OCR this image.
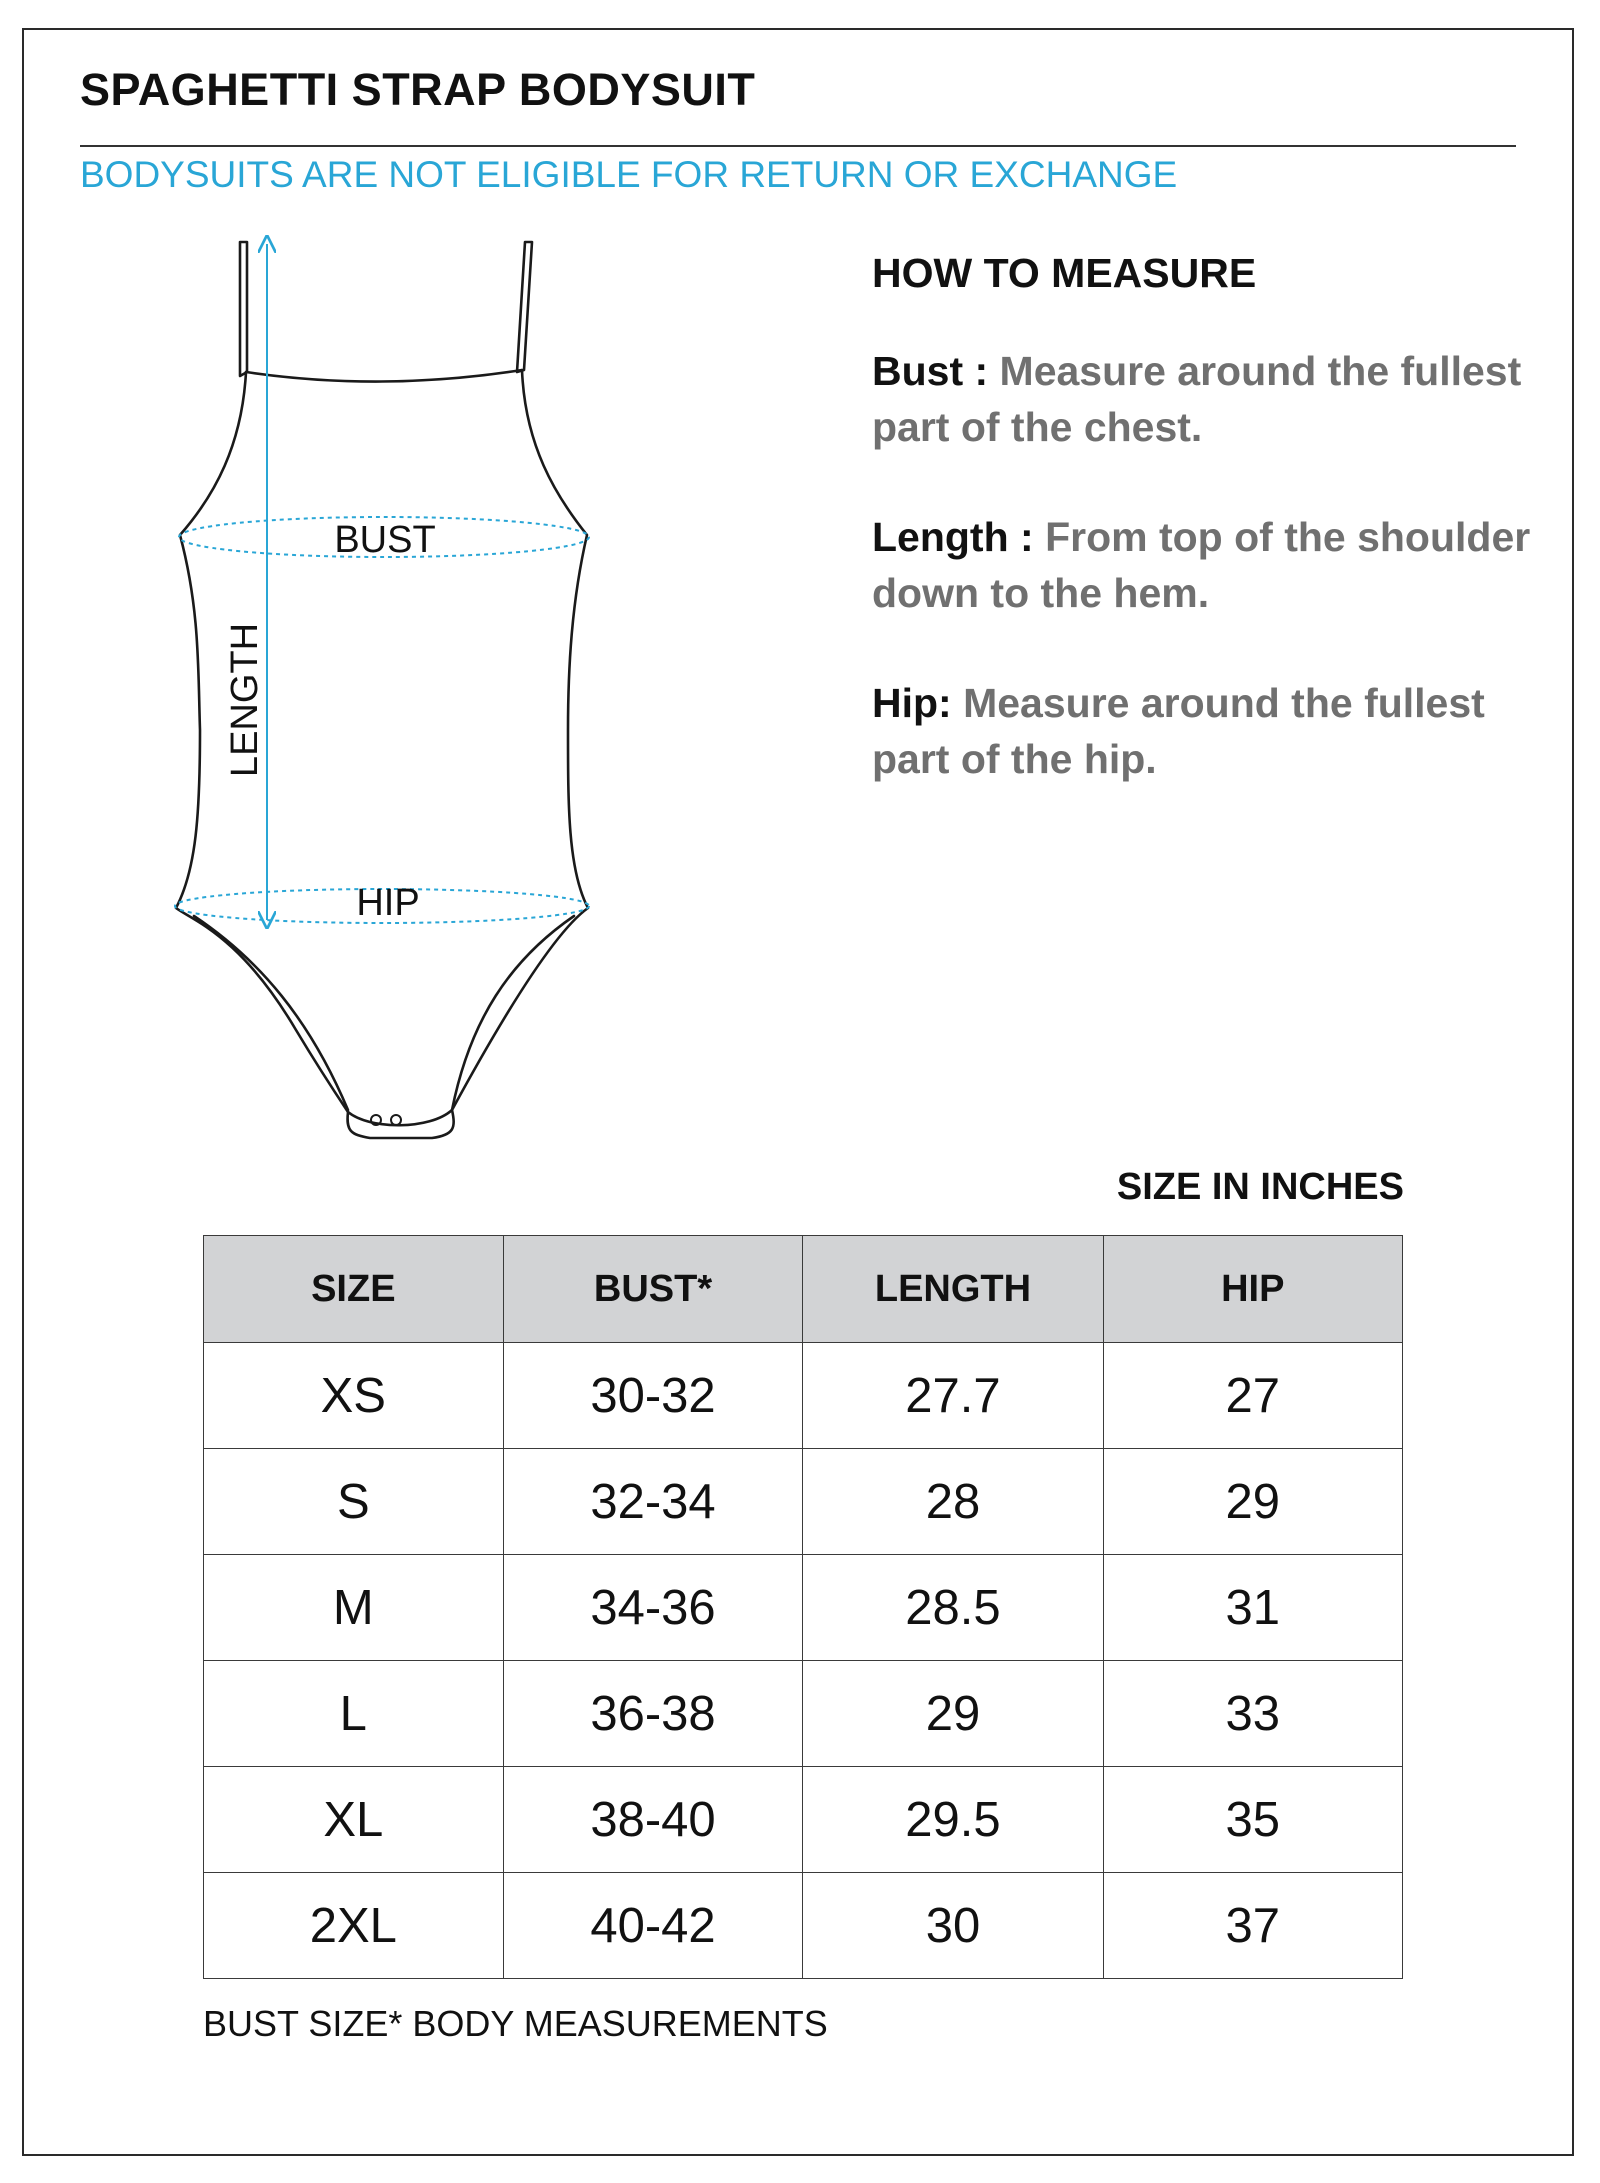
SPAGHETTI STRAP BODYSUIT
BODYSUITS ARE NOT ELIGIBLE FOR RETURN OR EXCHANGE
BUST
HIP
LENGTH
HOW TO MEASURE
Bust : Measure around the fullest part of the chest.
Length : From top of the shoulder down to the hem.
Hip: Measure around the fullest part of the hip.
SIZE IN INCHES
SIZE	BUST*	LENGTH	HIP
XS	30-32	27.7	27
S	32-34	28	29
M	34-36	28.5	31
L	36-38	29	33
XL	38-40	29.5	35
2XL	40-42	30	37
BUST SIZE* BODY MEASUREMENTS
